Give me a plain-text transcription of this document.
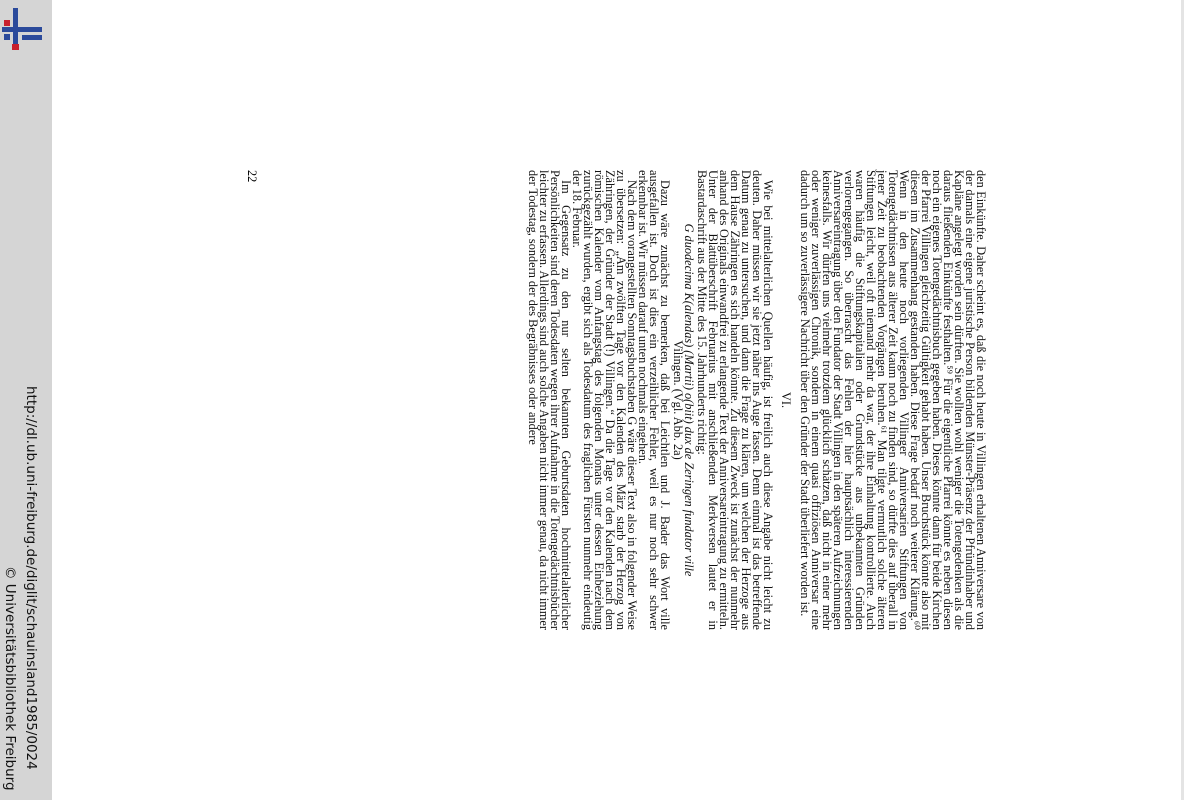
http://dl.ub.uni-freiburg.de/diglit/schauinsland1985/0024
© Universitätsbibliothek Freiburg

den Einkünfte. Daher scheint es, daß die noch heute in Villingen erhaltenen Anniversare von der damals eine eigene juristische Person bildenden Münster-Präsenz der Pfründinhaber und Kapläne angelegt worden sein dürften. Sie wollten wohl weniger die Totengedenken als die daraus fließenden Einkünfte festhalten.⁵⁹ Für die eigentliche Pfarrei könnte es neben diesen noch ein eigenes Totengedächtnisbuch gegeben haben. Dieses könnte dann für beide Kirchen der Pfarrei Villingen gleichzeitig Gültigkeit gehabt haben. Unser Bruchstück könnte also mit diesem im Zusammenhang gestanden haben. Diese Frage bedarf noch weiterer Klärung.⁶⁰ Wenn in den heute noch vorliegenden Villinger Anniversarien Stiftungen von Totengedächtnissen aus älterer Zeit kaum noch zu finden sind, so dürfte dies auf überall in jener Zeit zu beobachtenden Vorgängen beruhen.⁶¹ Man tilgte vermutlich solche älteren Stiftungen leicht, weil oft niemand mehr da war, der ihre Einhaltung kontrollierte. Auch waren häufig die Stiftungskapitalien oder Grundstücke aus unbekannten Gründen verlorengegangen. So überrascht das Fehlen der hier hauptsächlich interessierenden Anniversareintragung über den Fundator der Stadt Villingen in den späteren Aufzeichnungen keinesfalls. Wir dürfen uns vielmehr trotzdem glücklich schätzen, daß nicht in einer mehr oder weniger zuverlässigen Chronik, sondern in einem quasi offiziösen Anniversar eine dadurch um so zuverlässigere Nachricht über den Gründer der Stadt überliefert worden ist.

VI.

Wie bei mittelalterlichen Quellen häufig, ist freilich auch diese Angabe nicht leicht zu deuten. Daher müssen wir sie jetzt näher ins Auge fassen. Denn einmal ist das betreffende Datum genau zu untersuchen, und dann die Frage zu klären, um welchen der Herzoge aus dem Hause Zähringen es sich handeln könnte. Zu diesem Zweck ist zunächst der nunmehr anhand des Originals einwandfrei zu erlangende Text der Anniversareintragung zu ermitteln. Unter der Blattüberschrift Februarius mit anschließenden Merkversen lautet er in Bastardaschrift aus der Mitte des 15. Jahrhunderts richtig:

G duodecima K(alendas) (Martii) o(biit) dux de Zeringen fundator ville

Vilingen. (Vgl. Abb. 2a)

Dazu wäre zunächst zu bemerken, daß bei Leichtlen und J. Bader das Wort ville ausgefallen ist. Doch ist dies ein verzeihlicher Fehler, weil es nur noch sehr schwer erkennbar ist. Wir müssen darauf unten nochmals eingehen.

Nach dem vorangestellten Sonntagsbuchstaben G wäre dieser Text also in folgender Weise zu übersetzen: „Am zwölften Tage vor den Kalenden des März starb der Herzog von Zähringen, der Gründer der Stadt (!) Villingen.“ Da die Tage vor den Kalenden nach dem römischen Kalender vom Anfangstag des folgenden Monats unter dessen Einbeziehung zurückgezählt wurden, ergibt sich als Todesdatum des fraglichen Fürsten nunmehr eindeutig der 18. Februar.

Im Gegensatz zu den nur selten bekannten Geburtsdaten hochmittelalterlicher Persönlichkeiten sind deren Todesdaten wegen ihrer Aufnahme in die Totengedächtnisbücher leichter zu erfassen. Allerdings sind auch solche Angaben nicht immer genau, da nicht immer der Todestag, sondern der des Begräbnisses oder andere

22
